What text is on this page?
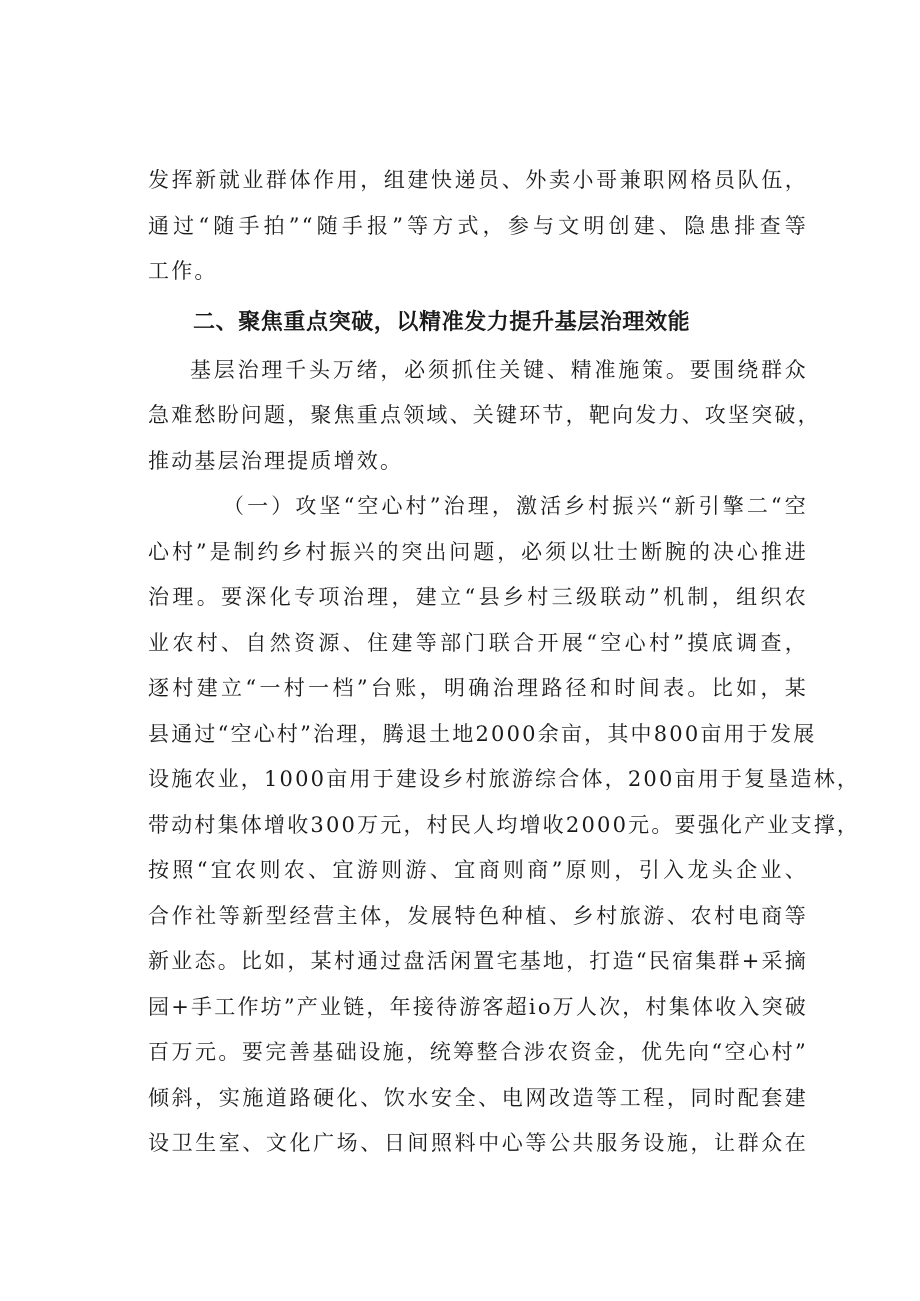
发挥新就业群体作用，组建快递员、外卖小哥兼职网格员队伍，
通过“随手拍”“随手报”等方式，参与文明创建、隐患排查等
工作。

二、聚焦重点突破，以精准发力提升基层治理效能

基层治理千头万绪，必须抓住关键、精准施策。要围绕群众
急难愁盼问题，聚焦重点领域、关键环节，靶向发力、攻坚突破，
推动基层治理提质增效。

（一）攻坚“空心村”治理，激活乡村振兴“新引擎二“空
心村”是制约乡村振兴的突出问题，必须以壮士断腕的决心推进
治理。要深化专项治理，建立“县乡村三级联动”机制，组织农
业农村、自然资源、住建等部门联合开展“空心村”摸底调查，
逐村建立“一村一档”台账，明确治理路径和时间表。比如，某
县通过“空心村”治理，腾退土地2000余亩，其中800亩用于发展
设施农业，1000亩用于建设乡村旅游综合体，200亩用于复垦造林，
带动村集体增收300万元，村民人均增收2000元。要强化产业支撑，
按照“宜农则农、宜游则游、宜商则商”原则，引入龙头企业、
合作社等新型经营主体，发展特色种植、乡村旅游、农村电商等
新业态。比如，某村通过盘活闲置宅基地，打造“民宿集群+采摘
园+手工作坊”产业链，年接待游客超io万人次，村集体收入突破
百万元。要完善基础设施，统筹整合涉农资金，优先向“空心村”
倾斜，实施道路硬化、饮水安全、电网改造等工程，同时配套建
设卫生室、文化广场、日间照料中心等公共服务设施，让群众在
